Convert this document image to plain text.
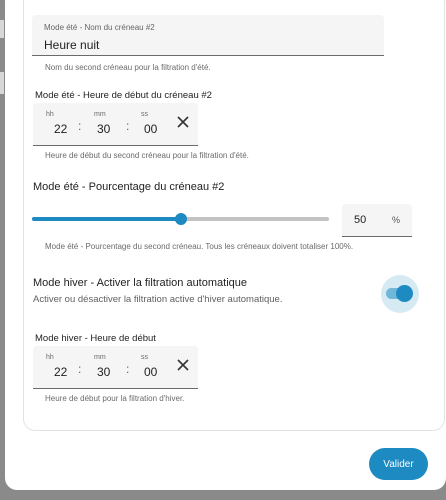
Mode été - Nom du créneau #2
Heure nuit
Nom du second créneau pour la filtration d'été.
Mode été - Heure de début du créneau #2
hh
22 :
mm
30 :
ss
00
Heure de début du second créneau pour la filtration d'été.
Mode été - Pourcentage du créneau #2
50	%
Mode été - Pourcentage du second créneau. Tous les créneaux doivent totaliser 100%.
Mode hiver - Activer la filtration automatique
Activer ou désactiver la filtration active d'hiver automatique.
Mode hiver - Heure de début
hh
22 :
mm
30 :
ss
00
Heure de début pour la filtration d'hiver.
Valider
